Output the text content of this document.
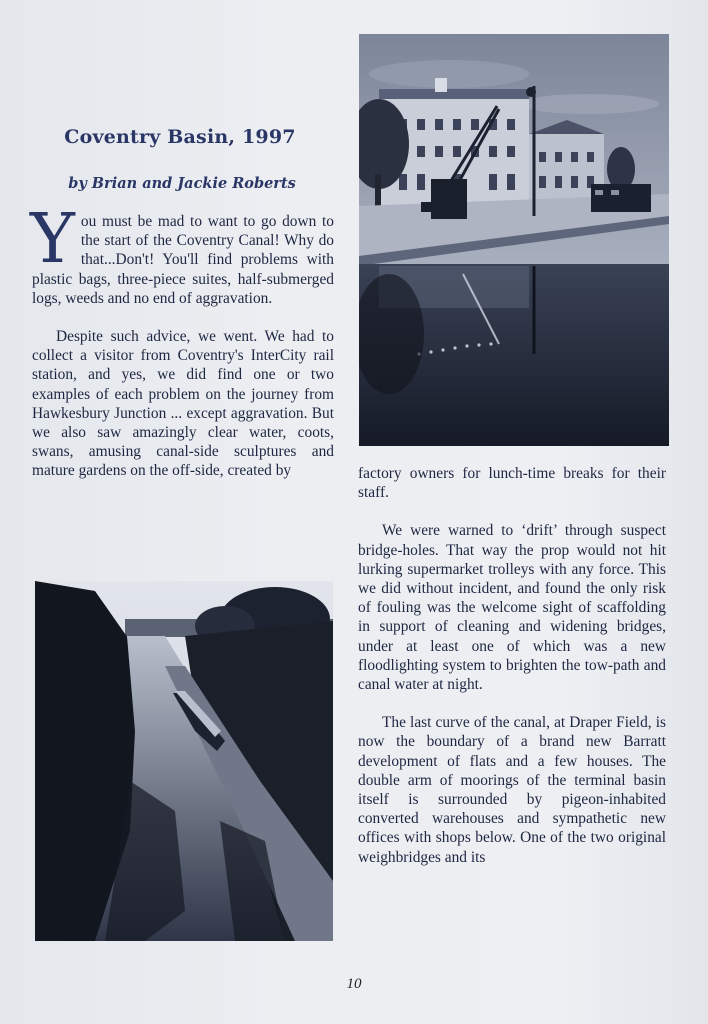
Coventry Basin, 1997
by Brian and Jackie Roberts

You must be mad to want to go down to the start of the Coventry Canal! Why do that...Don't! You'll find problems with plastic bags, three-piece suites, half-submerged logs, weeds and no end of aggravation.

Despite such advice, we went. We had to collect a visitor from Coventry's InterCity rail station, and yes, we did find one or two examples of each problem on the journey from Hawkesbury Junction ... except aggravation. But we also saw amazingly clear water, coots, swans, amusing canal-side sculptures and mature gardens on the off-side, created by	factory owners for lunch-time breaks for their staff.

We were warned to ‘drift’ through suspect bridge-holes. That way the prop would not hit lurking supermarket trolleys with any force. This we did without incident, and found the only risk of fouling was the welcome sight of scaffolding in support of cleaning and widening bridges, under at least one of which was a new floodlighting system to brighten the tow-path and canal water at night.

The last curve of the canal, at Draper Field, is now the boundary of a brand new Barratt development of flats and a few houses. The double arm of moorings of the terminal basin itself is surrounded by pigeon-inhabited converted warehouses and sympathetic new offices with shops below. One of the two original weighbridges and its

10
